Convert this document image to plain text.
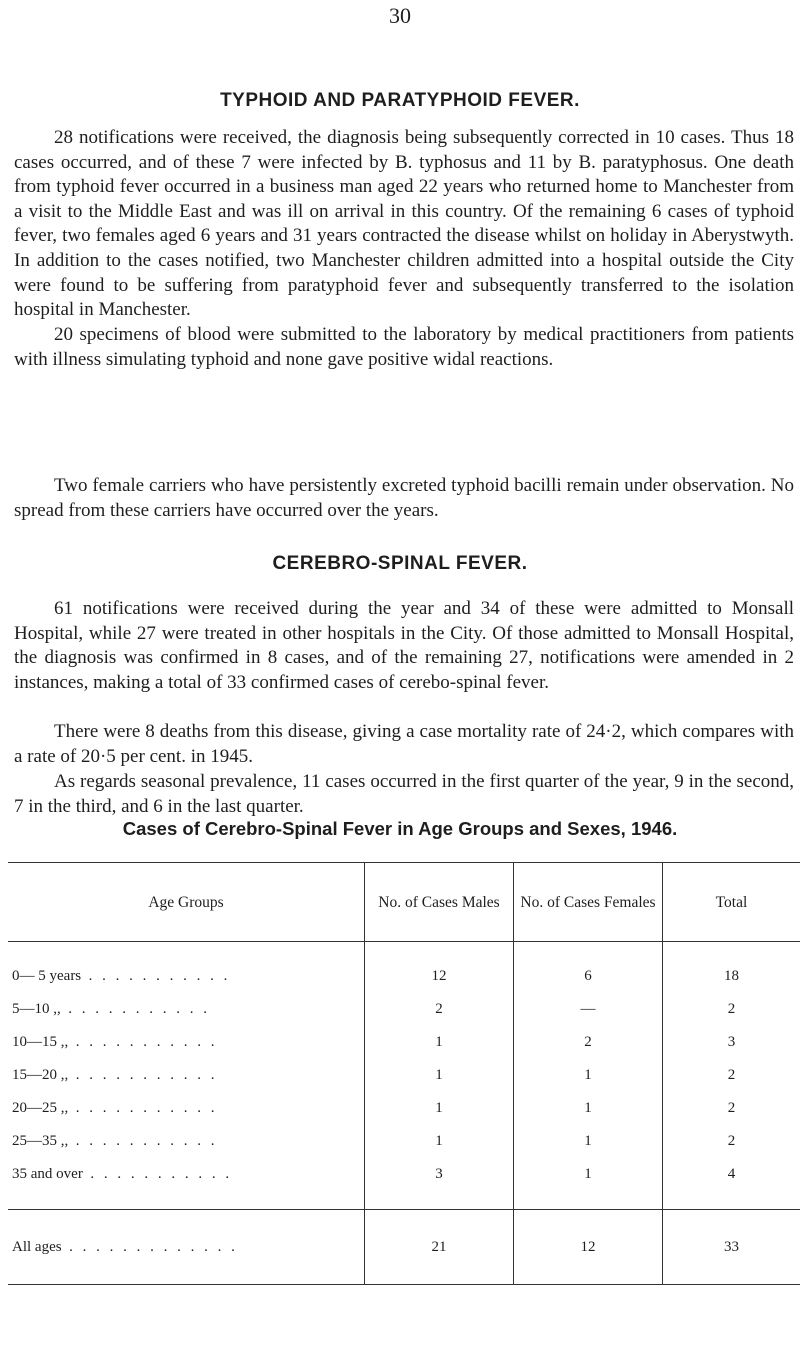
30
TYPHOID AND PARATYPHOID FEVER.

28 notifications were received, the diagnosis being subsequently corrected in 10 cases. Thus 18 cases occurred, and of these 7 were infected by B. typhosus and 11 by B. paratyphosus. One death from typhoid fever occurred in a business man aged 22 years who returned home to Manchester from a visit to the Middle East and was ill on arrival in this country. Of the remaining 6 cases of typhoid fever, two females aged 6 years and 31 years contracted the disease whilst on holiday in Aberystwyth. In addition to the cases notified, two Manchester children admitted into a hospital outside the City were found to be suffering from paratyphoid fever and subsequently transferred to the isolation hospital in Manchester.

20 specimens of blood were submitted to the laboratory by medical practitioners from patients with illness simulating typhoid and none gave positive widal reactions.

Two female carriers who have persistently excreted typhoid bacilli remain under observation. No spread from these carriers have occurred over the years.

CEREBRO-SPINAL FEVER.

61 notifications were received during the year and 34 of these were admitted to Monsall Hospital, while 27 were treated in other hospitals in the City. Of those admitted to Monsall Hospital, the diagnosis was confirmed in 8 cases, and of the remaining 27, notifications were amended in 2 instances, making a total of 33 confirmed cases of cerebo-spinal fever.

There were 8 deaths from this disease, giving a case mortality rate of 24·2, which compares with a rate of 20·5 per cent. in 1945.

As regards seasonal prevalence, 11 cases occurred in the first quarter of the year, 9 in the second, 7 in the third, and 6 in the last quarter.

Cases of Cerebro-Spinal Fever in Age Groups and Sexes, 1946.
Age Groups	No. of Cases Males	No. of Cases Females	Total
0— 5 years . . . . . . . . . . .	12	6	18
5—10 ,, . . . . . . . . . . .	2	—	2
10—15 ,, . . . . . . . . . . .	1	2	3
15—20 ,, . . . . . . . . . . .	1	1	2
20—25 ,, . . . . . . . . . . .	1	1	2
25—35 ,, . . . . . . . . . . .	1	1	2
35 and over . . . . . . . . . . .	3	1	4
All ages . . . . . . . . . . . . .	21	12	33
